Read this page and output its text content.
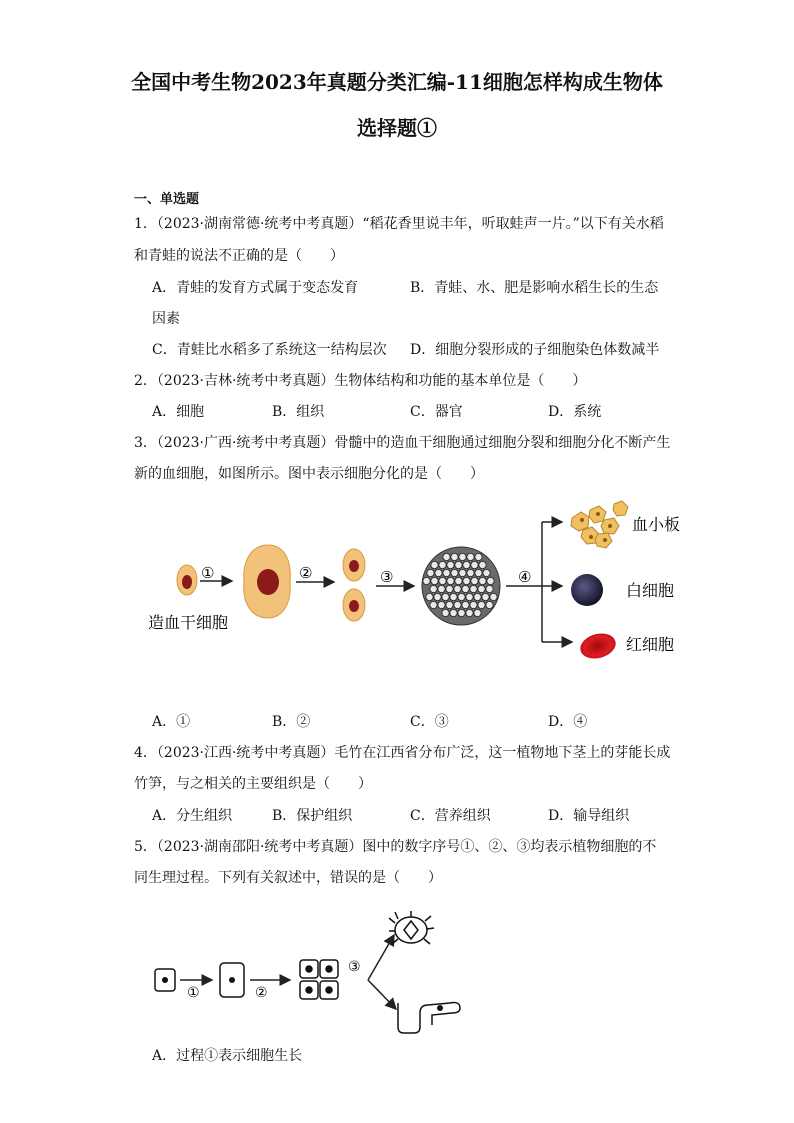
全国中考生物2023年真题分类汇编-11细胞怎样构成生物体
选择题①
一、单选题
1．（2023·湖南常德·统考中考真题）“稻花香里说丰年，听取蛙声一片。”以下有关水稻
和青蛙的说法不正确的是（　　）
A．青蛙的发育方式属于变态发育	B．青蛙、水、肥是影响水稻生长的生态
因素
C．青蛙比水稻多了系统这一结构层次 D．细胞分裂形成的子细胞染色体数减半
2．（2023·吉林·统考中考真题）生物体结构和功能的基本单位是（　　）
A．细胞	B．组织	C．器官	D．系统
3．（2023·广西·统考中考真题）骨髓中的造血干细胞通过细胞分裂和细胞分化不断产生
新的血细胞，如图所示。图中表示细胞分化的是（　　）
造血干细胞
①	②	③	④
血小板
白细胞
红细胞
A．①	B．②	C．③	D．④
4．（2023·江西·统考中考真题）毛竹在江西省分布广泛，这一植物地下茎上的芽能长成
竹笋，与之相关的主要组织是（　　）
A．分生组织	B．保护组织	C．营养组织	D．输导组织
5．（2023·湖南邵阳·统考中考真题）图中的数字序号①、②、③均表示植物细胞的不
同生理过程。下列有关叙述中，错误的是（　　）
①	②
③
A．过程①表示细胞生长
